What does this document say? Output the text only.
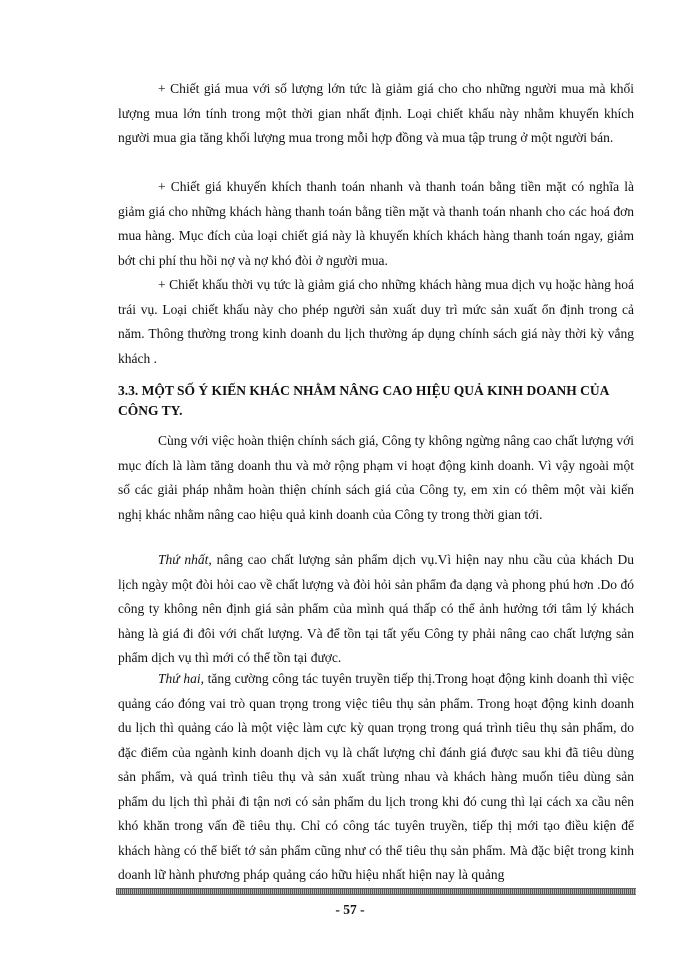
+ Chiết giá mua với số lượng lớn tức là giảm giá cho cho những người mua mà khối lượng mua lớn tính trong một thời gian nhất định. Loại chiết khấu này nhằm khuyến khích người mua gia tăng khối lượng mua trong mỗi hợp đồng và mua tập trung ở một người bán.

+ Chiết giá khuyến khích thanh toán nhanh và thanh toán bằng tiền mặt có nghĩa là giảm giá cho những khách hàng thanh toán bằng tiền mặt và thanh toán nhanh cho các hoá đơn mua hàng. Mục đích của loại chiết giá này là khuyến khích khách hàng thanh toán ngay, giảm bớt chi phí thu hồi nợ và nợ khó đòi ở người mua.

+ Chiết khấu thời vụ tức là giảm giá cho những khách hàng mua dịch vụ hoặc hàng hoá trái vụ. Loại chiết khấu này cho phép người sản xuất duy trì mức sản xuất ổn định trong cả năm. Thông thường trong kinh doanh du lịch thường áp dụng chính sách giá này thời kỳ vắng khách .

3.3. MỘT SỐ Ý KIẾN KHÁC NHẰM NÂNG CAO HIỆU QUẢ KINH DOANH CỦA CÔNG TY.

Cùng với việc hoàn thiện chính sách giá, Công ty không ngừng nâng cao chất lượng với mục đích là làm tăng doanh thu và mở rộng phạm vi hoạt động kinh doanh. Vì vậy ngoài một số các giải pháp nhằm hoàn thiện chính sách giá của Công ty, em xin có thêm một vài kiến nghị khác nhằm nâng cao hiệu quả kinh doanh của Công ty trong thời gian tới.

Thứ nhất, nâng cao chất lượng sản phẩm dịch vụ.Vì hiện nay nhu cầu của khách Du lịch ngày một đòi hỏi cao về chất lượng và đòi hỏi sản phẩm đa dạng và phong phú hơn .Do đó công ty không nên định giá sản phẩm của mình quá thấp có thể ảnh hưởng tới tâm lý khách hàng là giá đi đôi với chất lượng. Và để tồn tại tất yếu Công ty phải nâng cao chất lượng sản phẩm dịch vụ thì mới có thể tồn tại được.

Thứ hai, tăng cường công tác tuyên truyền tiếp thị.Trong hoạt động kinh doanh thì việc quảng cáo đóng vai trò quan trọng trong việc tiêu thụ sản phẩm. Trong hoạt động kinh doanh du lịch thì quảng cáo là một việc làm cực kỳ quan trọng trong quá trình tiêu thụ sản phẩm, do đặc điểm của ngành kinh doanh dịch vụ là chất lượng chỉ đánh giá được sau khi đã tiêu dùng sản phẩm, và quá trình tiêu thụ và sản xuất trùng nhau và khách hàng muốn tiêu dùng sản phẩm du lịch thì phải đi tận nơi có sản phẩm du lịch trong khi đó cung thì lại cách xa cầu nên khó khăn trong vấn đề tiêu thụ. Chỉ có công tác tuyên truyền, tiếp thị mới tạo điều kiện để khách hàng có thể biết tớ sản phẩm cũng như có thể tiêu thụ sản phẩm. Mà đặc biệt trong kinh doanh lữ hành phương pháp quảng cáo hữu hiệu nhất hiện nay là quảng

- 57 -
